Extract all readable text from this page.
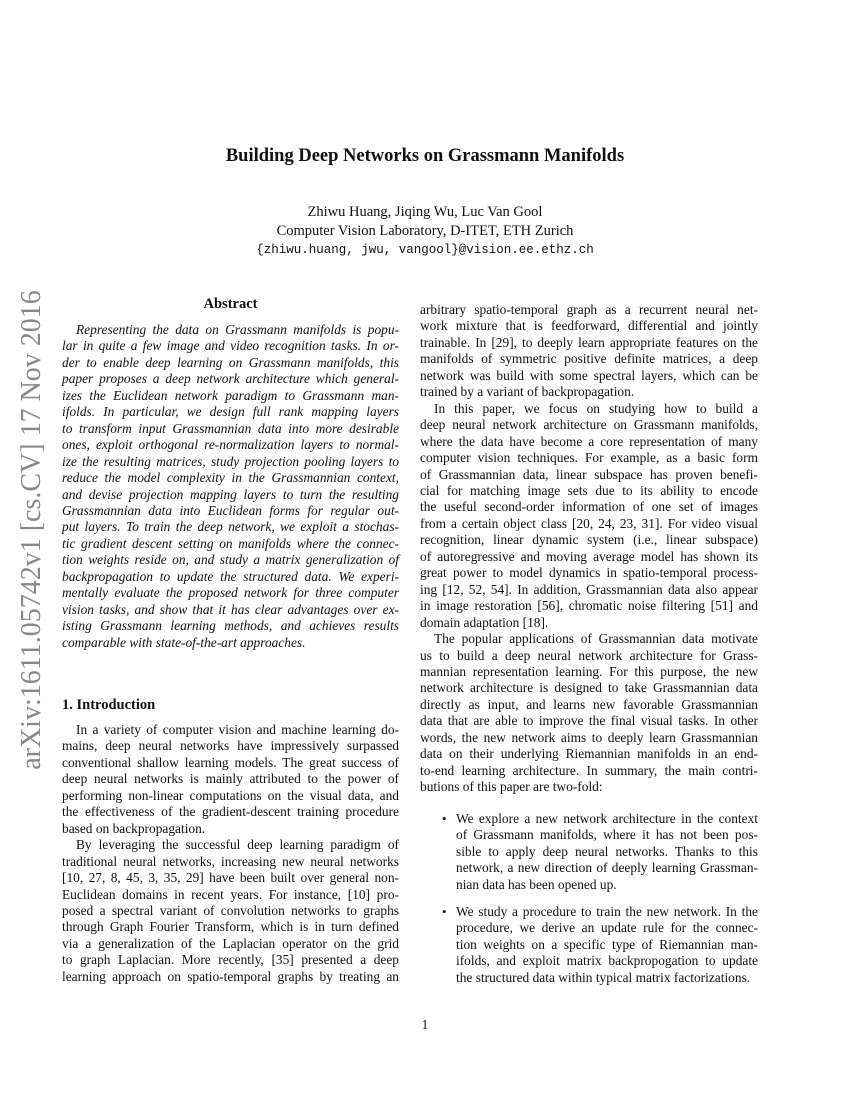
arXiv:1611.05742v1 [cs.CV] 17 Nov 2016
Building Deep Networks on Grassmann Manifolds
Zhiwu Huang, Jiqing Wu, Luc Van Gool
Computer Vision Laboratory, D-ITET, ETH Zurich
{zhiwu.huang, jwu, vangool}@vision.ee.ethz.ch
Abstract
Representing the data on Grassmann manifolds is popu-
lar in quite a few image and video recognition tasks. In or-
der to enable deep learning on Grassmann manifolds, this
paper proposes a deep network architecture which general-
izes the Euclidean network paradigm to Grassmann man-
ifolds. In particular, we design full rank mapping layers
to transform input Grassmannian data into more desirable
ones, exploit orthogonal re-normalization layers to normal-
ize the resulting matrices, study projection pooling layers to
reduce the model complexity in the Grassmannian context,
and devise projection mapping layers to turn the resulting
Grassmannian data into Euclidean forms for regular out-
put layers. To train the deep network, we exploit a stochas-
tic gradient descent setting on manifolds where the connec-
tion weights reside on, and study a matrix generalization of
backpropagation to update the structured data. We experi-
mentally evaluate the proposed network for three computer
vision tasks, and show that it has clear advantages over ex-
isting Grassmann learning methods, and achieves results
comparable with state-of-the-art approaches.
1. Introduction
In a variety of computer vision and machine learning do-
mains, deep neural networks have impressively surpassed
conventional shallow learning models. The great success of
deep neural networks is mainly attributed to the power of
performing non-linear computations on the visual data, and
the effectiveness of the gradient-descent training procedure
based on backpropagation.
By leveraging the successful deep learning paradigm of
traditional neural networks, increasing new neural networks
[10, 27, 8, 45, 3, 35, 29] have been built over general non-
Euclidean domains in recent years. For instance, [10] pro-
posed a spectral variant of convolution networks to graphs
through Graph Fourier Transform, which is in turn defined
via a generalization of the Laplacian operator on the grid
to graph Laplacian. More recently, [35] presented a deep
learning approach on spatio-temporal graphs by treating an
arbitrary spatio-temporal graph as a recurrent neural net-
work mixture that is feedforward, differential and jointly
trainable. In [29], to deeply learn appropriate features on the
manifolds of symmetric positive definite matrices, a deep
network was build with some spectral layers, which can be
trained by a variant of backpropagation.
In this paper, we focus on studying how to build a
deep neural network architecture on Grassmann manifolds,
where the data have become a core representation of many
computer vision techniques. For example, as a basic form
of Grassmannian data, linear subspace has proven benefi-
cial for matching image sets due to its ability to encode
the useful second-order information of one set of images
from a certain object class [20, 24, 23, 31]. For video visual
recognition, linear dynamic system (i.e., linear subspace)
of autoregressive and moving average model has shown its
great power to model dynamics in spatio-temporal process-
ing [12, 52, 54]. In addition, Grassmannian data also appear
in image restoration [56], chromatic noise filtering [51] and
domain adaptation [18].
The popular applications of Grassmannian data motivate
us to build a deep neural network architecture for Grass-
mannian representation learning. For this purpose, the new
network architecture is designed to take Grassmannian data
directly as input, and learns new favorable Grassmannian
data that are able to improve the final visual tasks. In other
words, the new network aims to deeply learn Grassmannian
data on their underlying Riemannian manifolds in an end-
to-end learning architecture. In summary, the main contri-
butions of this paper are two-fold:
• We explore a new network architecture in the context
of Grassmann manifolds, where it has not been pos-
sible to apply deep neural networks. Thanks to this
network, a new direction of deeply learning Grassman-
nian data has been opened up.
• We study a procedure to train the new network. In the
procedure, we derive an update rule for the connec-
tion weights on a specific type of Riemannian man-
ifolds, and exploit matrix backpropogation to update
the structured data within typical matrix factorizations.
1
